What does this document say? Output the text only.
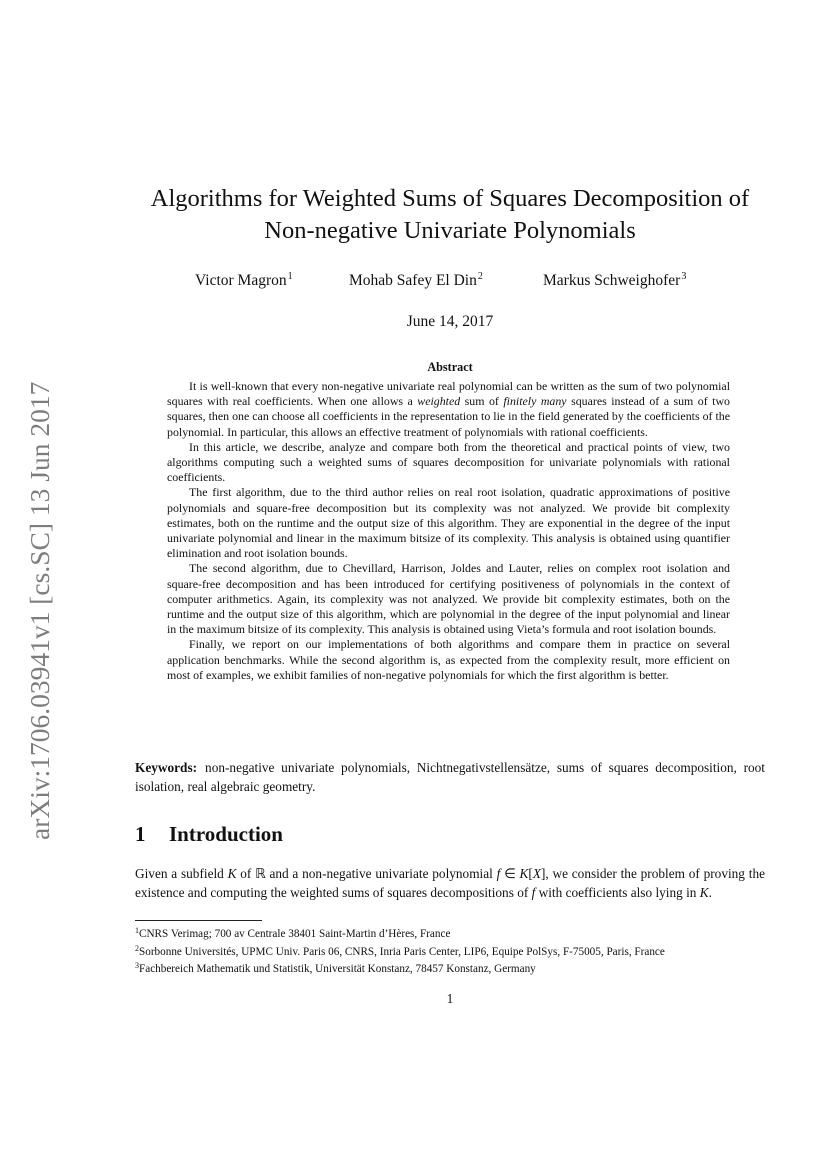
arXiv:1706.03941v1 [cs.SC] 13 Jun 2017
Algorithms for Weighted Sums of Squares Decomposition of
Non-negative Univariate Polynomials
Victor Magron$^1$	Mohab Safey El Din$^2$	Markus Schweighofer$^3$
June 14, 2017
Abstract

It is well-known that every non-negative univariate real polynomial can be written as the sum of two polynomial squares with real coefficients. When one allows a weighted sum of finitely many squares instead of a sum of two squares, then one can choose all coefficients in the representation to lie in the field generated by the coefficients of the polynomial. In particular, this allows an effective treatment of polynomials with rational coefficients.

In this article, we describe, analyze and compare both from the theoretical and practical points of view, two algorithms computing such a weighted sums of squares decomposition for univariate polynomials with rational coefficients.

The first algorithm, due to the third author relies on real root isolation, quadratic approximations of positive polynomials and square-free decomposition but its complexity was not analyzed. We provide bit complexity estimates, both on the runtime and the output size of this algorithm. They are exponential in the degree of the input univariate polynomial and linear in the maximum bitsize of its complexity. This analysis is obtained using quantifier elimination and root isolation bounds.

The second algorithm, due to Chevillard, Harrison, Joldes and Lauter, relies on complex root isolation and square-free decomposition and has been introduced for certifying positiveness of polynomials in the context of computer arithmetics. Again, its complexity was not analyzed. We provide bit complexity estimates, both on the runtime and the output size of this algorithm, which are polynomial in the degree of the input polynomial and linear in the maximum bitsize of its complexity. This analysis is obtained using Vieta’s formula and root isolation bounds.

Finally, we report on our implementations of both algorithms and compare them in practice on several application benchmarks. While the second algorithm is, as expected from the complexity result, more efficient on most of examples, we exhibit families of non-negative polynomials for which the first algorithm is better.

Keywords: non-negative univariate polynomials, Nichtnegativstellensätze, sums of squares decomposition, root isolation, real algebraic geometry.
1 Introduction
Given a subfield K of ℝ and a non-negative univariate polynomial f ∈ K[X], we consider the problem of proving the existence and computing the weighted sums of squares decompositions of f with coefficients also lying in K.
$^1$CNRS Verimag; 700 av Centrale 38401 Saint-Martin d’Hères, France
$^2$Sorbonne Universités, UPMC Univ. Paris 06, CNRS, Inria Paris Center, LIP6, Equipe PolSys, F-75005, Paris, France
$^3$Fachbereich Mathematik und Statistik, Universität Konstanz, 78457 Konstanz, Germany
1
